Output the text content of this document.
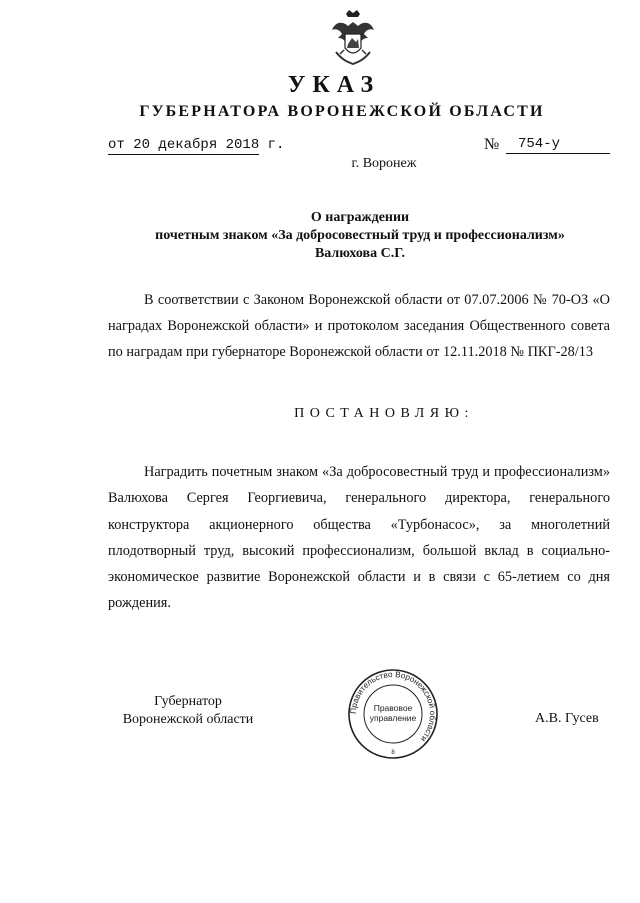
УКАЗ
ГУБЕРНАТОРА ВОРОНЕЖСКОЙ ОБЛАСТИ
от 20 декабря 2018 г.	№	754-у
г. Воронеж
О награждении
почетным знаком «За добросовестный труд и профессионализм»
Валюхова С.Г.
В соответствии с Законом Воронежской области от 07.07.2006 № 70-ОЗ «О наградах Воронежской области» и протоколом заседания Общественного совета по наградам при губернаторе Воронежской области от 12.11.2018 № ПКГ-28/13
ПОСТАНОВЛЯЮ:
Наградить почетным знаком «За добросовестный труд и профессионализм» Валюхова Сергея Георгиевича, генерального директора, генерального конструктора акционерного общества «Турбонасос», за многолетний плодотворный труд, высокий профессионализм, большой вклад в социально-экономическое развитие Воронежской области и в связи с 65-летием со дня рождения.
Губернатор
Воронежской области
Правительство Воронежской области
Правовое
управление
8
А.В. Гусев
